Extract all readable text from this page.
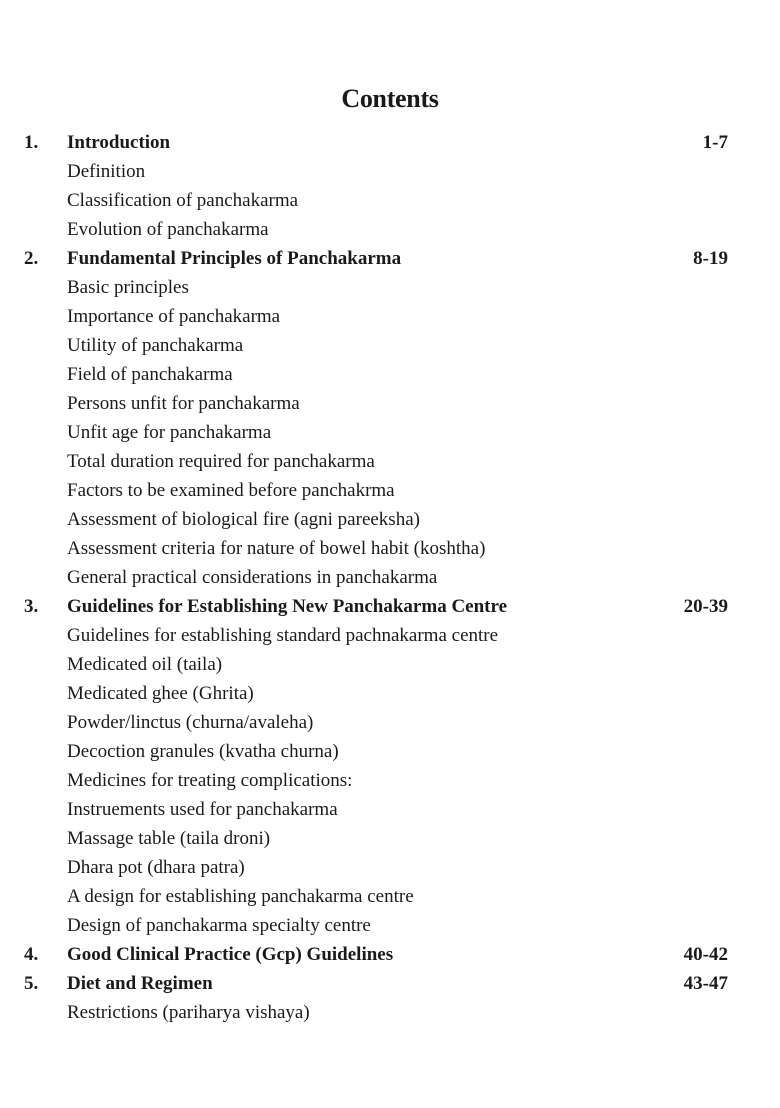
Contents
1. Introduction	1-7
Definition
Classification of panchakarma
Evolution of panchakarma
2. Fundamental Principles of Panchakarma	8-19
Basic principles
Importance of panchakarma
Utility of panchakarma
Field of panchakarma
Persons unfit for panchakarma
Unfit age for panchakarma
Total duration required for panchakarma
Factors to be examined before panchakrma
Assessment of biological fire (agni pareeksha)
Assessment criteria for nature of bowel habit (koshtha)
General practical considerations in panchakarma
3. Guidelines for Establishing New Panchakarma Centre	20-39
Guidelines for establishing standard pachnakarma centre
Medicated oil (taila)
Medicated ghee (Ghrita)
Powder/linctus (churna/avaleha)
Decoction granules (kvatha churna)
Medicines for treating complications:
Instruements used for panchakarma
Massage table (taila droni)
Dhara pot (dhara patra)
A design for establishing panchakarma centre
Design of panchakarma specialty centre
4. Good Clinical Practice (Gcp) Guidelines	40-42
5. Diet and Regimen	43-47
Restrictions (pariharya vishaya)
